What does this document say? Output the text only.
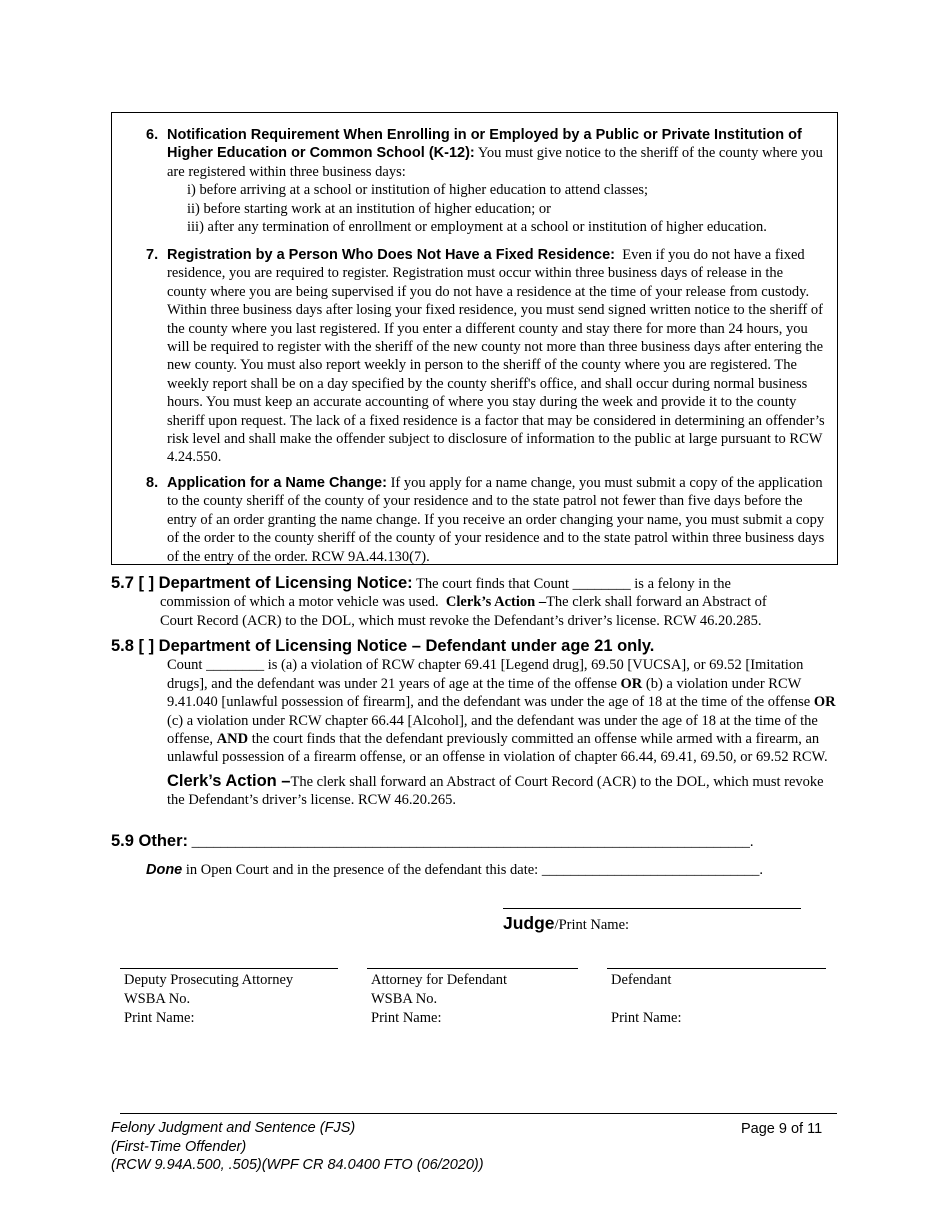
6. Notification Requirement When Enrolling in or Employed by a Public or Private Institution of Higher Education or Common School (K-12): You must give notice to the sheriff of the county where you are registered within three business days:
i) before arriving at a school or institution of higher education to attend classes;
ii) before starting work at an institution of higher education; or
iii) after any termination of enrollment or employment at a school or institution of higher education.
7. Registration by a Person Who Does Not Have a Fixed Residence: Even if you do not have a fixed residence, you are required to register. Registration must occur within three business days of release in the county where you are being supervised if you do not have a residence at the time of your release from custody. Within three business days after losing your fixed residence, you must send signed written notice to the sheriff of the county where you last registered. If you enter a different county and stay there for more than 24 hours, you will be required to register with the sheriff of the new county not more than three business days after entering the new county. You must also report weekly in person to the sheriff of the county where you are registered. The weekly report shall be on a day specified by the county sheriff's office, and shall occur during normal business hours. You must keep an accurate accounting of where you stay during the week and provide it to the county sheriff upon request. The lack of a fixed residence is a factor that may be considered in determining an offender’s risk level and shall make the offender subject to disclosure of information to the public at large pursuant to RCW 4.24.550.
8. Application for a Name Change: If you apply for a name change, you must submit a copy of the application to the county sheriff of the county of your residence and to the state patrol not fewer than five days before the entry of an order granting the name change. If you receive an order changing your name, you must submit a copy of the order to the county sheriff of the county of your residence and to the state patrol within three business days of the entry of the order. RCW 9A.44.130(7).
5.7 [ ] Department of Licensing Notice: The court finds that Count ________ is a felony in the
commission of which a motor vehicle was used. Clerk’s Action –The clerk shall forward an Abstract of
Court Record (ACR) to the DOL, which must revoke the Defendant’s driver’s license. RCW 46.20.285.
5.8 [ ] Department of Licensing Notice – Defendant under age 21 only.
Count ________ is (a) a violation of RCW chapter 69.41 [Legend drug], 69.50 [VUCSA], or 69.52 [Imitation drugs], and the defendant was under 21 years of age at the time of the offense OR (b) a violation under RCW 9.41.040 [unlawful possession of firearm], and the defendant was under the age of 18 at the time of the offense OR (c) a violation under RCW chapter 66.44 [Alcohol], and the defendant was under the age of 18 at the time of the offense, AND the court finds that the defendant previously committed an offense while armed with a firearm, an unlawful possession of a firearm offense, or an offense in violation of chapter 66.44, 69.41, 69.50, or 69.52 RCW.
Clerk’s Action –The clerk shall forward an Abstract of Court Record (ACR) to the DOL, which must revoke the Defendant’s driver’s license. RCW 46.20.265.
5.9 Other: _____________________________________________________________________________.
Done in Open Court and in the presence of the defendant this date: ______________________________.
Judge/Print Name:
Deputy Prosecuting Attorney
WSBA No.
Print Name:
Attorney for Defendant
WSBA No.
Print Name:
Defendant
Print Name:
Felony Judgment and Sentence (FJS)
(First-Time Offender)
(RCW 9.94A.500, .505)(WPF CR 84.0400 FTO (06/2020))
Page 9 of 11
